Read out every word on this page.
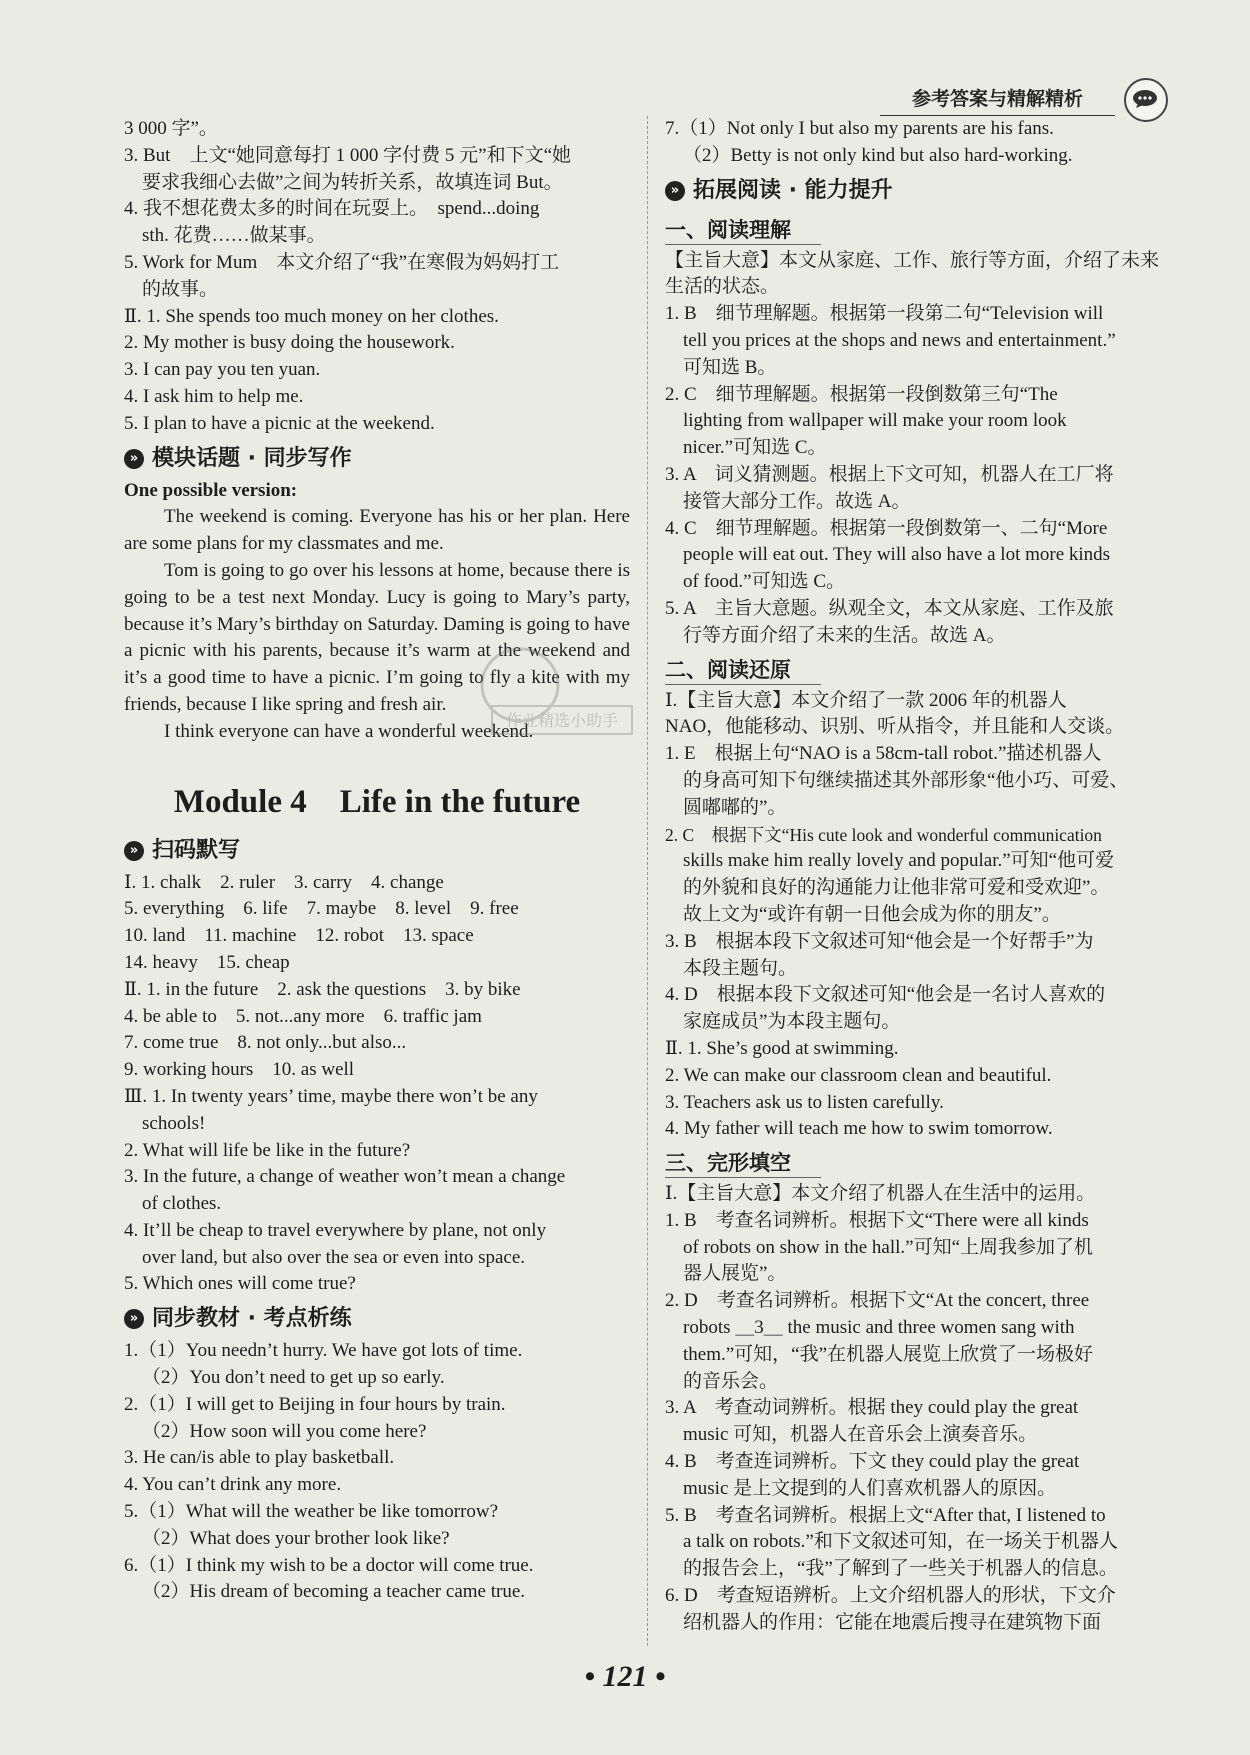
参考答案与精解精析
3 000 字”。
3. But　上文“她同意每打 1 000 字付费 5 元”和下文“她
要求我细心去做”之间为转折关系，故填连词 But。
4. 我不想花费太多的时间在玩耍上。　spend...doing
sth. 花费……做某事。
5. Work for Mum　本文介绍了“我”在寒假为妈妈打工
的故事。
Ⅱ. 1. She spends too much money on her clothes.
2. My mother is busy doing the housework.
3. I can pay you ten yuan.
4. I ask him to help me.
5. I plan to have a picnic at the weekend.
» 模块话题 · 同步写作
One possible version:
The weekend is coming. Everyone has his or her plan. Here are some plans for my classmates and me.
Tom is going to go over his lessons at home, because there is going to be a test next Monday. Lucy is going to Mary’s party, because it’s Mary’s birthday on Saturday. Daming is going to have a picnic with his parents, because it’s warm at the weekend and it’s a good time to have a picnic. I’m going to fly a kite with my friends, because I like spring and fresh air.
I think everyone can have a wonderful weekend.
Module 4　Life in the future
» 扫码默写
Ⅰ. 1. chalk　2. ruler　3. carry　4. change
5. everything　6. life　7. maybe　8. level　9. free
10. land　11. machine　12. robot　13. space
14. heavy　15. cheap
Ⅱ. 1. in the future　2. ask the questions　3. by bike
4. be able to　5. not...any more　6. traffic jam
7. come true　8. not only...but also...
9. working hours　10. as well
Ⅲ. 1. In twenty years’ time, maybe there won’t be any
schools!
2. What will life be like in the future?
3. In the future, a change of weather won’t mean a change
of clothes.
4. It’ll be cheap to travel everywhere by plane, not only
over land, but also over the sea or even into space.
5. Which ones will come true?
» 同步教材 · 考点析练
1.（1）You needn’t hurry. We have got lots of time.
（2）You don’t need to get up so early.
2.（1）I will get to Beijing in four hours by train.
（2）How soon will you come here?
3. He can/is able to play basketball.
4. You can’t drink any more.
5.（1）What will the weather be like tomorrow?
（2）What does your brother look like?
6.（1）I think my wish to be a doctor will come true.
（2）His dream of becoming a teacher came true.
7.（1）Not only I but also my parents are his fans.
（2）Betty is not only kind but also hard-working.
» 拓展阅读 · 能力提升
一、阅读理解
【主旨大意】本文从家庭、工作、旅行等方面，介绍了未来
生活的状态。
1. B　细节理解题。根据第一段第二句“Television will
tell you prices at the shops and news and entertainment.”
可知选 B。
2. C　细节理解题。根据第一段倒数第三句“The
lighting from wallpaper will make your room look
nicer.”可知选 C。
3. A　词义猜测题。根据上下文可知，机器人在工厂将
接管大部分工作。故选 A。
4. C　细节理解题。根据第一段倒数第一、二句“More
people will eat out. They will also have a lot more kinds
of food.”可知选 C。
5. A　主旨大意题。纵观全文，本文从家庭、工作及旅
行等方面介绍了未来的生活。故选 A。
二、阅读还原
Ⅰ.【主旨大意】本文介绍了一款 2006 年的机器人
NAO，他能移动、识别、听从指令，并且能和人交谈。
1. E　根据上句“NAO is a 58cm-tall robot.”描述机器人
的身高可知下句继续描述其外部形象“他小巧、可爱、
圆嘟嘟的”。
2. C　根据下文“His cute look and wonderful communication
skills make him really lovely and popular.”可知“他可爱
的外貌和良好的沟通能力让他非常可爱和受欢迎”。
故上文为“或许有朝一日他会成为你的朋友”。
3. B　根据本段下文叙述可知“他会是一个好帮手”为
本段主题句。
4. D　根据本段下文叙述可知“他会是一名讨人喜欢的
家庭成员”为本段主题句。
Ⅱ. 1. She’s good at swimming.
2. We can make our classroom clean and beautiful.
3. Teachers ask us to listen carefully.
4. My father will teach me how to swim tomorrow.
三、完形填空
Ⅰ.【主旨大意】本文介绍了机器人在生活中的运用。
1. B　考查名词辨析。根据下文“There were all kinds
of robots on show in the hall.”可知“上周我参加了机
器人展览”。
2. D　考查名词辨析。根据下文“At the concert, three
robots ＿3＿ the music and three women sang with
them.”可知，“我”在机器人展览上欣赏了一场极好
的音乐会。
3. A　考查动词辨析。根据 they could play the great
music 可知，机器人在音乐会上演奏音乐。
4. B　考查连词辨析。下文 they could play the great
music 是上文提到的人们喜欢机器人的原因。
5. B　考查名词辨析。根据上文“After that, I listened to
a talk on robots.”和下文叙述可知，在一场关于机器人
的报告会上，“我”了解到了一些关于机器人的信息。
6. D　考查短语辨析。上文介绍机器人的形状，下文介
绍机器人的作用：它能在地震后搜寻在建筑物下面
作业精选小助手
• 121 •
